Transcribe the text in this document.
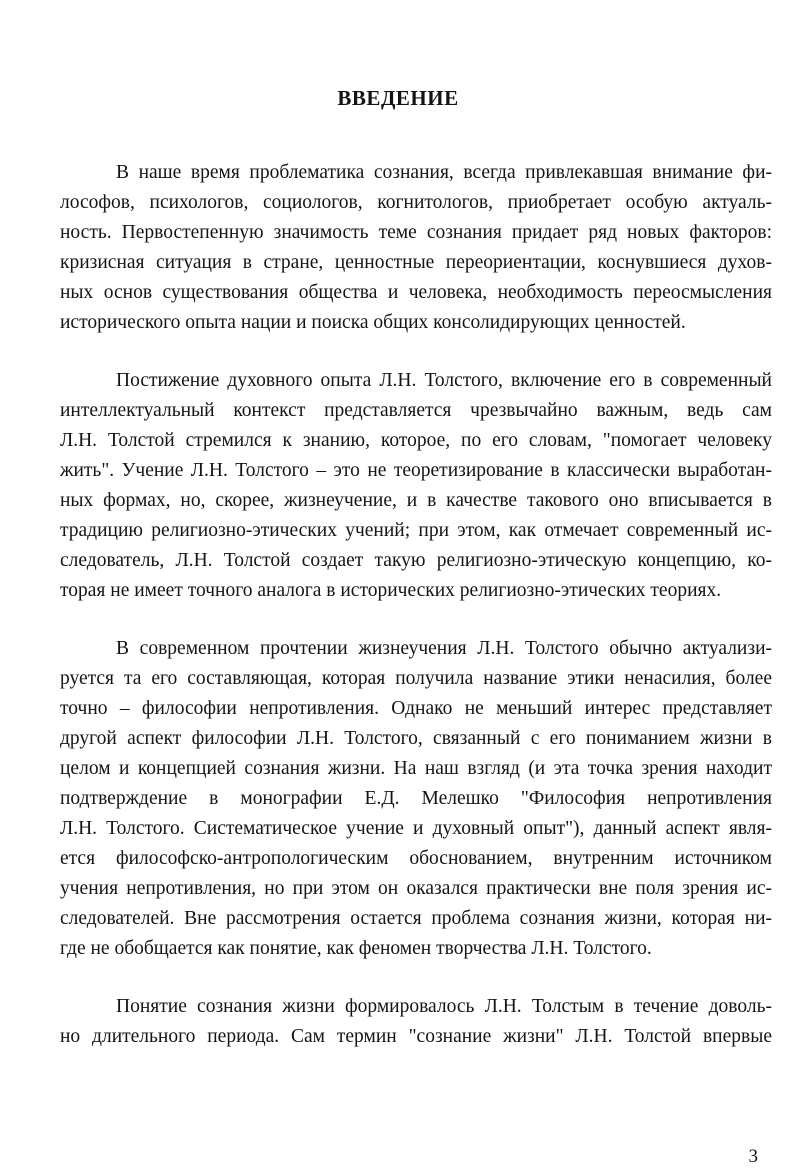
ВВЕДЕНИЕ
В наше время проблематика сознания, всегда привлекавшая внимание фи-
лософов, психологов, социологов, когнитологов, приобретает особую актуаль-
ность. Первостепенную значимость теме сознания придает ряд новых факторов:
кризисная ситуация в стране, ценностные переориентации, коснувшиеся духов-
ных основ существования общества и человека, необходимость переосмысления
исторического опыта нации и поиска общих консолидирующих ценностей.
Постижение духовного опыта Л.Н. Толстого, включение его в современный
интеллектуальный контекст представляется чрезвычайно важным, ведь сам
Л.Н. Толстой стремился к знанию, которое, по его словам, "помогает человеку
жить". Учение Л.Н. Толстого – это не теоретизирование в классически выработан-
ных формах, но, скорее, жизнеучение, и в качестве такового оно вписывается в
традицию религиозно-этических учений; при этом, как отмечает современный ис-
следователь, Л.Н. Толстой создает такую религиозно-этическую концепцию, ко-
торая не имеет точного аналога в исторических религиозно-этических теориях.
В современном прочтении жизнеучения Л.Н. Толстого обычно актуализи-
руется та его составляющая, которая получила название этики ненасилия, более
точно – философии непротивления. Однако не меньший интерес представляет
другой аспект философии Л.Н. Толстого, связанный с его пониманием жизни в
целом и концепцией сознания жизни. На наш взгляд (и эта точка зрения находит
подтверждение в монографии Е.Д. Мелешко "Философия непротивления
Л.Н. Толстого. Систематическое учение и духовный опыт"), данный аспект явля-
ется философско-антропологическим обоснованием, внутренним источником
учения непротивления, но при этом он оказался практически вне поля зрения ис-
следователей. Вне рассмотрения остается проблема сознания жизни, которая ни-
где не обобщается как понятие, как феномен творчества Л.Н. Толстого.
Понятие сознания жизни формировалось Л.Н. Толстым в течение доволь-
но длительного периода. Сам термин "сознание жизни" Л.Н. Толстой впервые
3
